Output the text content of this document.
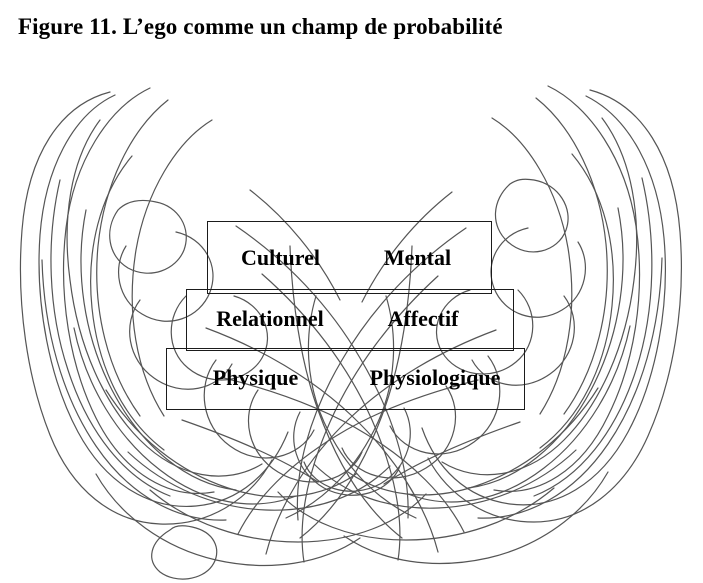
Figure 11. L’ego comme un champ de probabilité
Culturel	Mental
Relationnel	Affectif
Physique	Physiologique
